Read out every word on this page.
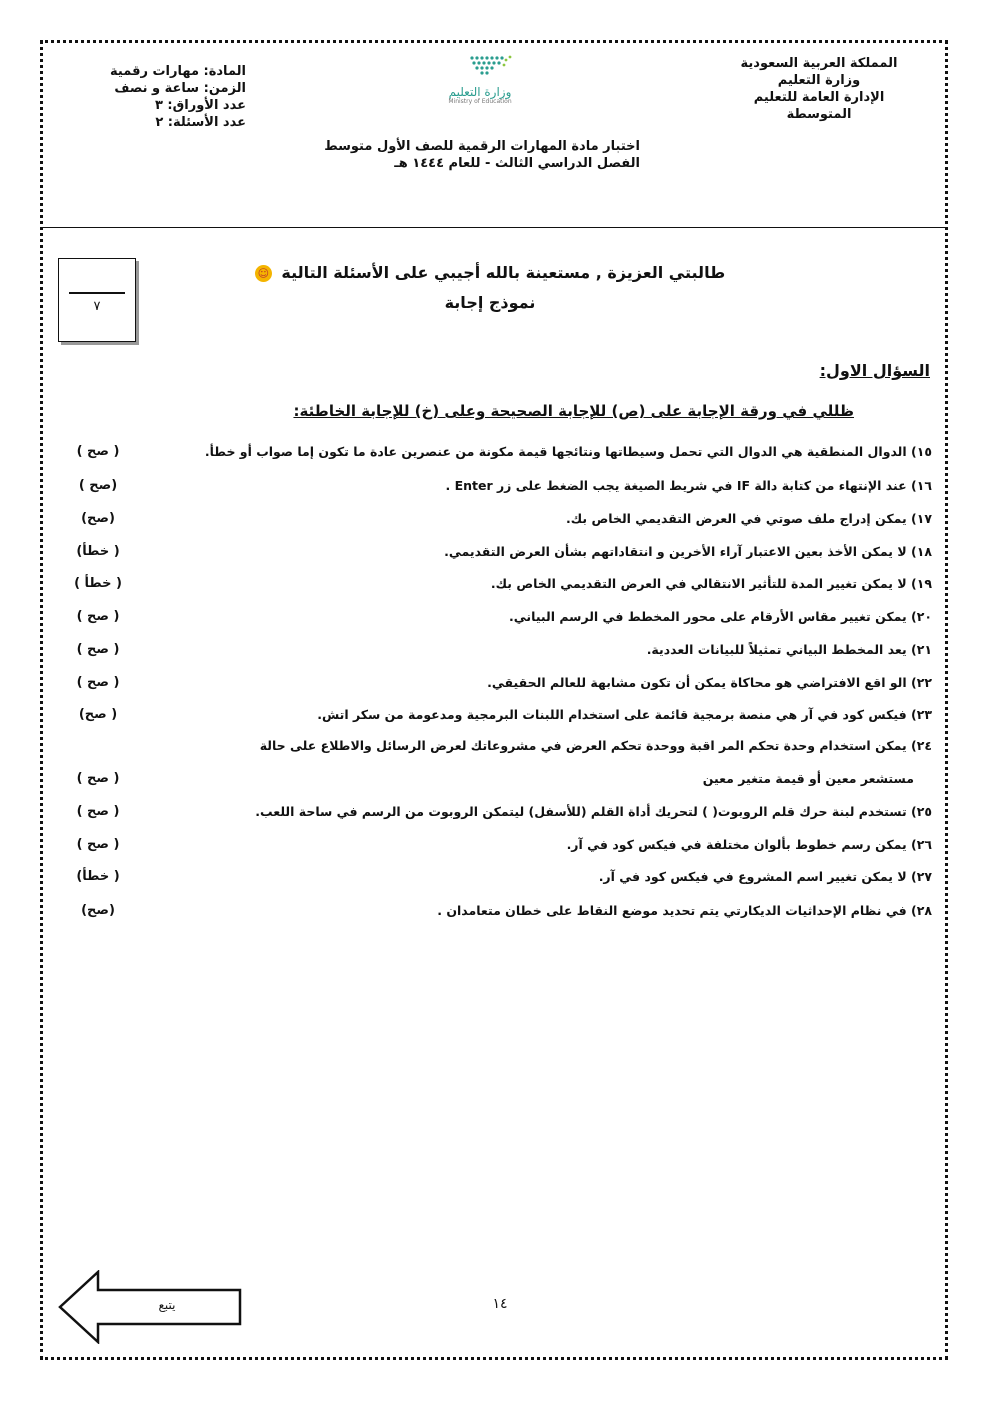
المملكة العربية السعودية
وزارة التعليم
الإدارة العامة للتعليم
المتوسطة
وزارة التعليم
Ministry of Education
المادة: مهارات رقمية
الزمن: ساعة و نصف
عدد الأوراق: ٣
عدد الأسئلة: ٢
اختبار مادة المهارات الرقمية للصف الأول متوسط
الفصل الدراسي الثالث - للعام ١٤٤٤ هـ
٧
طالبتي العزيزة , مستعينة بالله أجيبي على الأسئلة التالية ☺
نموذج إجابة
السؤال الاول:
ظللي في ورقة الإجابة على (ص) للإجابة الصحيحة وعلى (خ) للإجابة الخاطئة:
١٥) الدوال المنطقية هي الدوال التي تحمل وسيطاتها ونتائجها قيمة مكونة من عنصرين عادة ما تكون إما صواب أو خطأ.
( صح )
١٦) عند الإنتهاء من كتابة دالة IF في شريط الصيغة يجب الضغط على زر Enter .
(صح )
١٧) يمكن إدراج ملف صوتي في العرض التقديمي الخاص بك.
(صح)
١٨) لا يمكن الأخذ بعين الاعتبار آراء الأخرين و انتقاداتهم بشأن العرض التقديمي.
( خطأ)
١٩) لا يمكن تغيير المدة للتأثير الانتقالي في العرض التقديمي الخاص بك.
( خطأ )
٢٠) يمكن تغيير مقاس الأرقام على محور المخطط في الرسم البياني.
( صح )
٢١) يعد المخطط البياني تمثيلاً للبيانات العددية.
( صح )
٢٢) الو اقع الافتراضي هو محاكاة يمكن أن تكون مشابهة للعالم الحقيقي.
( صح )
٢٣) فيكس كود في آر هي منصة برمجية قائمة على استخدام اللبنات البرمجية ومدعومة من سكر اتش.
( صح)
٢٤) يمكن استخدام وحدة تحكم المر اقبة ووحدة تحكم العرض في مشروعاتك لعرض الرسائل والاطلاع على حالة
مستشعر معين أو قيمة متغير معين
( صح )
٢٥) تستخدم لبنة حرك قلم الروبوت( ) لتحريك أداة القلم (للأسفل) ليتمكن الروبوت من الرسم في ساحة اللعب.
( صح )
٢٦) يمكن رسم خطوط بألوان مختلفة في فيكس كود في آر.
( صح )
٢٧) لا يمكن تغيير اسم المشروع في فيكس كود في آر.
( خطأ)
٢٨) في نظام الإحداثيات الديكارتي يتم تحديد موضع النقاط على خطان متعامدان .
(صح)
يتبع	١٤
